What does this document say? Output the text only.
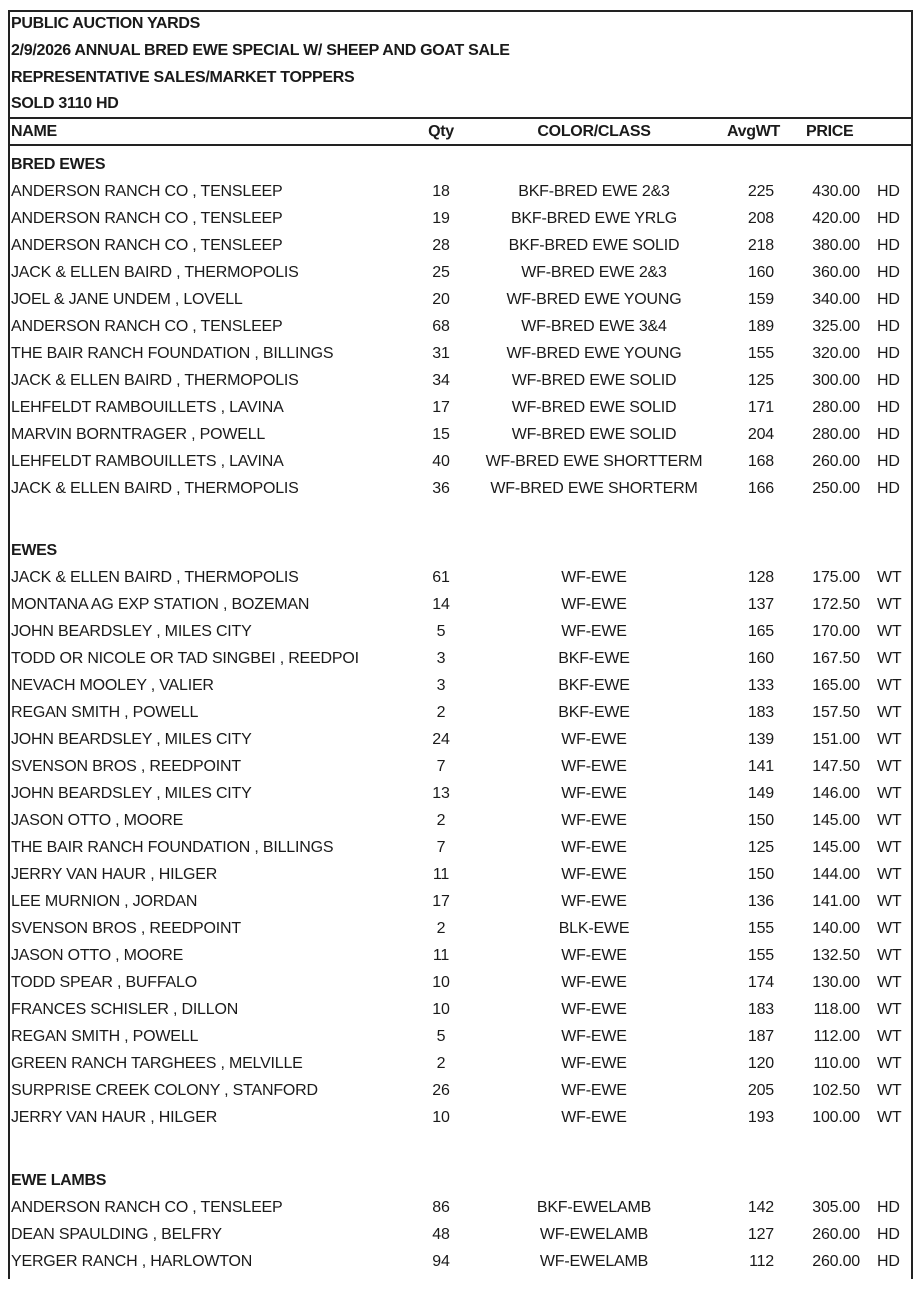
PUBLIC AUCTION YARDS
2/9/2026 ANNUAL BRED EWE SPECIAL W/ SHEEP AND GOAT SALE
REPRESENTATIVE SALES/MARKET TOPPERS
SOLD 3110 HD
NAME	Qty	COLOR/CLASS	AvgWT PRICE
BRED EWES
ANDERSON RANCH CO , TENSLEEP	18	BKF-BRED EWE 2&3	225	430.00 HD
ANDERSON RANCH CO , TENSLEEP	19	BKF-BRED EWE YRLG	208	420.00 HD
ANDERSON RANCH CO , TENSLEEP	28	BKF-BRED EWE SOLID	218	380.00 HD
JACK & ELLEN BAIRD , THERMOPOLIS	25	WF-BRED EWE 2&3	160	360.00 HD
JOEL & JANE UNDEM , LOVELL	20	WF-BRED EWE YOUNG	159	340.00 HD
ANDERSON RANCH CO , TENSLEEP	68	WF-BRED EWE 3&4	189	325.00 HD
THE BAIR RANCH FOUNDATION , BILLINGS	31	WF-BRED EWE YOUNG	155	320.00 HD
JACK & ELLEN BAIRD , THERMOPOLIS	34	WF-BRED EWE SOLID	125	300.00 HD
LEHFELDT RAMBOUILLETS , LAVINA	17	WF-BRED EWE SOLID	171	280.00 HD
MARVIN BORNTRAGER , POWELL	15	WF-BRED EWE SOLID	204	280.00 HD
LEHFELDT RAMBOUILLETS , LAVINA	40	WF-BRED EWE SHORTTERM	168	260.00 HD
JACK & ELLEN BAIRD , THERMOPOLIS	36	WF-BRED EWE SHORTERM	166	250.00 HD
EWES
JACK & ELLEN BAIRD , THERMOPOLIS	61	WF-EWE	128	175.00 WT
MONTANA AG EXP STATION , BOZEMAN	14	WF-EWE	137	172.50 WT
JOHN BEARDSLEY , MILES CITY	5	WF-EWE	165	170.00 WT
TODD OR NICOLE OR TAD SINGBEI , REEDPOI	3	BKF-EWE	160	167.50 WT
NEVACH MOOLEY , VALIER	3	BKF-EWE	133	165.00 WT
REGAN SMITH , POWELL	2	BKF-EWE	183	157.50 WT
JOHN BEARDSLEY , MILES CITY	24	WF-EWE	139	151.00 WT
SVENSON BROS , REEDPOINT	7	WF-EWE	141	147.50 WT
JOHN BEARDSLEY , MILES CITY	13	WF-EWE	149	146.00 WT
JASON OTTO , MOORE	2	WF-EWE	150	145.00 WT
THE BAIR RANCH FOUNDATION , BILLINGS	7	WF-EWE	125	145.00 WT
JERRY VAN HAUR , HILGER	11	WF-EWE	150	144.00 WT
LEE MURNION , JORDAN	17	WF-EWE	136	141.00 WT
SVENSON BROS , REEDPOINT	2	BLK-EWE	155	140.00 WT
JASON OTTO , MOORE	11	WF-EWE	155	132.50 WT
TODD SPEAR , BUFFALO	10	WF-EWE	174	130.00 WT
FRANCES SCHISLER , DILLON	10	WF-EWE	183	118.00 WT
REGAN SMITH , POWELL	5	WF-EWE	187	112.00 WT
GREEN RANCH TARGHEES , MELVILLE	2	WF-EWE	120	110.00 WT
SURPRISE CREEK COLONY , STANFORD	26	WF-EWE	205	102.50 WT
JERRY VAN HAUR , HILGER	10	WF-EWE	193	100.00 WT
EWE LAMBS
ANDERSON RANCH CO , TENSLEEP	86	BKF-EWELAMB	142	305.00 HD
DEAN SPAULDING , BELFRY	48	WF-EWELAMB	127	260.00 HD
YERGER RANCH , HARLOWTON	94	WF-EWELAMB	112	260.00 HD
